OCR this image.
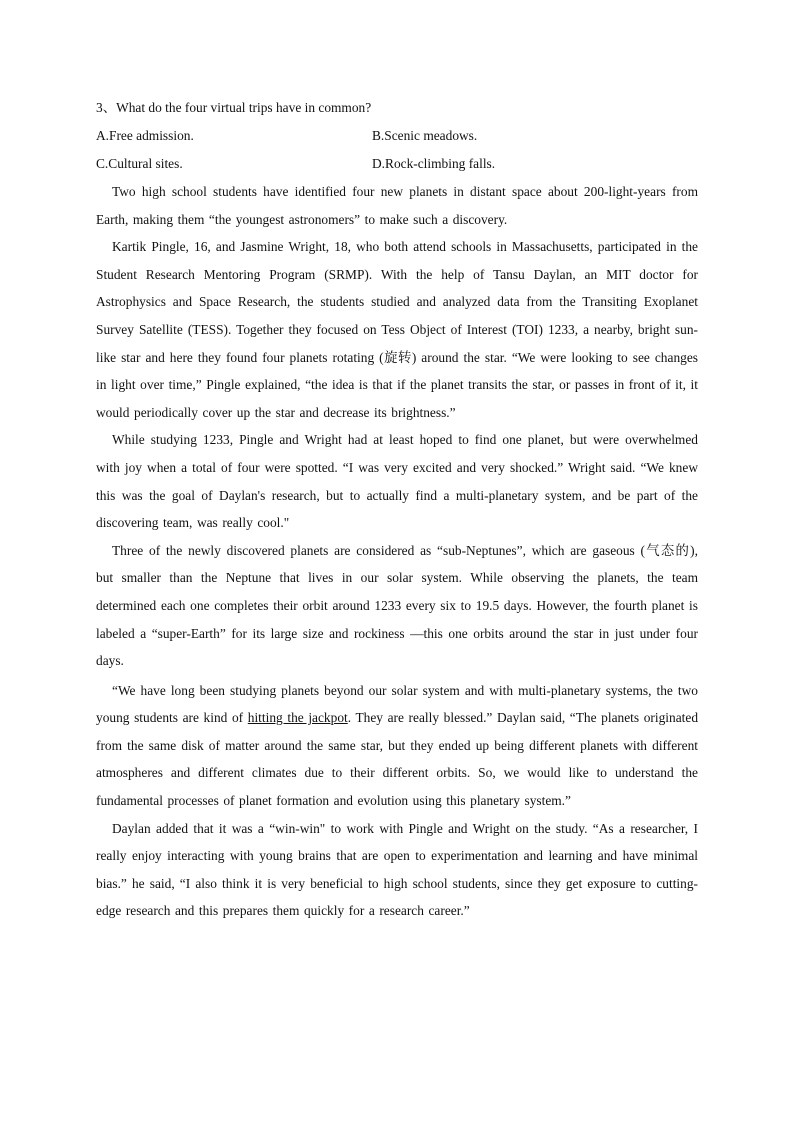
3、What do the four virtual trips have in common?
A.Free admission.	B.Scenic meadows.
C.Cultural sites.	D.Rock-climbing falls.

Two high school students have identified four new planets in distant space about 200-light-years from Earth, making them “the youngest astronomers” to make such a discovery.

Kartik Pingle, 16, and Jasmine Wright, 18, who both attend schools in Massachusetts, participated in the Student Research Mentoring Program (SRMP). With the help of Tansu Daylan, an MIT doctor for Astrophysics and Space Research, the students studied and analyzed data from the Transiting Exoplanet Survey Satellite (TESS). Together they focused on Tess Object of Interest (TOI) 1233, a nearby, bright sun-like star and here they found four planets rotating (旋转) around the star. “We were looking to see changes in light over time,” Pingle explained, “the idea is that if the planet transits the star, or passes in front of it, it would periodically cover up the star and decrease its brightness.”

While studying 1233, Pingle and Wright had at least hoped to find one planet, but were overwhelmed with joy when a total of four were spotted. “I was very excited and very shocked.” Wright said. “We knew this was the goal of Daylan's research, but to actually find a multi-planetary system, and be part of the discovering team, was really cool."

Three of the newly discovered planets are considered as “sub-Neptunes”, which are gaseous (气态的), but smaller than the Neptune that lives in our solar system. While observing the planets, the team determined each one completes their orbit around 1233 every six to 19.5 days. However, the fourth planet is labeled a “super-Earth” for its large size and rockiness —this one orbits around the star in just under four days.

“We have long been studying planets beyond our solar system and with multi-planetary systems, the two young students are kind of hitting the jackpot. They are really blessed.” Daylan said, “The planets originated from the same disk of matter around the same star, but they ended up being different planets with different atmospheres and different climates due to their different orbits. So, we would like to understand the fundamental processes of planet formation and evolution using this planetary system.”

Daylan added that it was a “win-win" to work with Pingle and Wright on the study. “As a researcher, I really enjoy interacting with young brains that are open to experimentation and learning and have minimal bias.” he said, “I also think it is very beneficial to high school students, since they get exposure to cutting-edge research and this prepares them quickly for a research career.”
